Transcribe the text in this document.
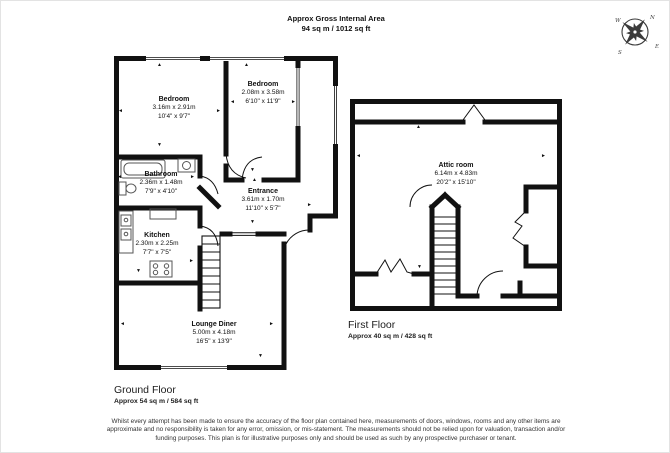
Approx Gross Internal Area
94 sq m / 1012 sq ft
N
W
S
E
Bedroom
3.16m x 2.91m
10'4" x 9'7"
Bedroom
2.08m x 3.58m
6'10" x 11'9"
Bathroom
2.36m x 1.48m
7'9" x 4'10"	Entrance
3.61m x 1.70m
11'10" x 5'7"
Kitchen
2.30m x 2.25m
7'7" x 7'5"
Lounge Diner
5.00m x 4.18m
16'5" x 13'9"
Attic room
6.14m x 4.83m
20'2" x 15'10"
◄	►
▲
▼
◄	►
▲
▼
◄	►	▲
►
▼
▲
►
▼
◄	►
▼
▲
◄	►
▼
First Floor
Approx 40 sq m / 428 sq ft
Ground Floor
Approx 54 sq m / 584 sq ft
Whilst every attempt has been made to ensure the accuracy of the floor plan contained here, measurements of doors, windows, rooms and any other items are approximate and no responsibility is taken for any error, omission, or mis-statement. The measurements should not be relied upon for valuation, transaction and/or funding purposes. This plan is for illustrative purposes only and should be used as such by any prospective purchaser or tenant.
